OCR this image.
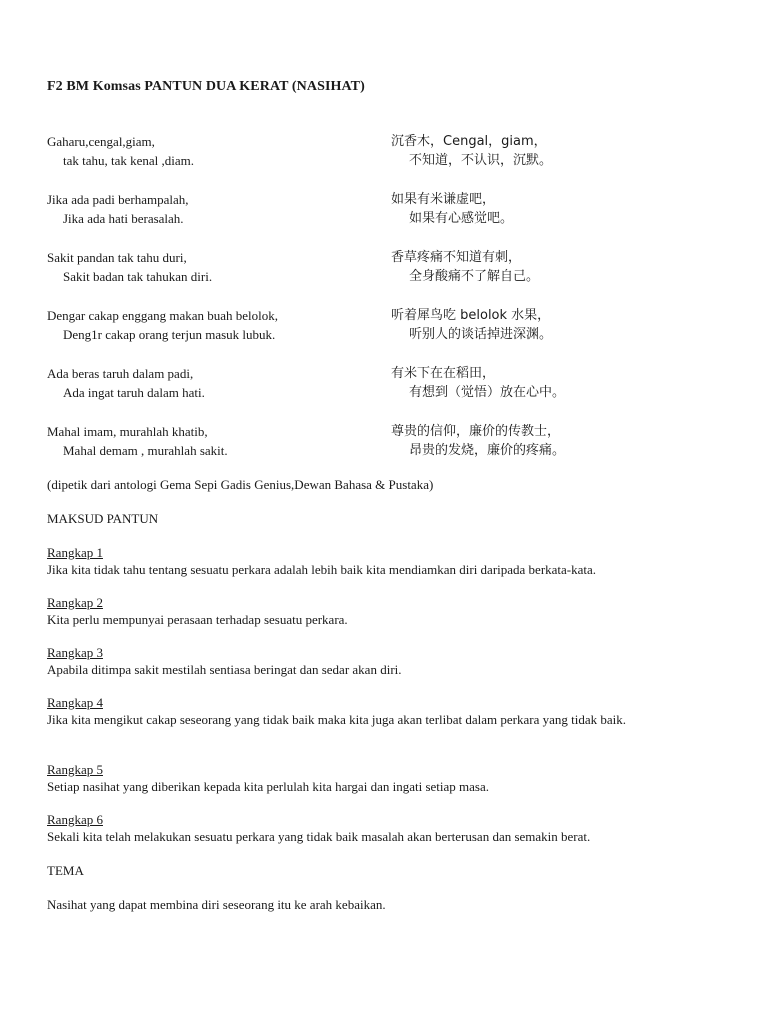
F2 BM Komsas PANTUN DUA KERAT (NASIHAT)
Gaharu,cengal,giam,
tak tahu, tak kenal ,diam.
Jika ada padi berhampalah,
Jika ada hati berasalah.
Sakit pandan tak tahu duri,
Sakit badan tak tahukan diri.
Dengar cakap enggang makan buah belolok,
Deng1r cakap orang terjun masuk lubuk.
Ada beras taruh dalam padi,
Ada ingat taruh dalam hati.
Mahal imam, murahlah khatib,
Mahal demam , murahlah sakit.
沉香木，Cengal，giam，
不知道，不认识，沉默。
如果有米谦虚吧，
如果有心感觉吧。
香草疼痛不知道有刺，
全身酸痛不了解自己。
听着犀鸟吃 belolok 水果，
听别人的谈话掉进深渊。
有米下在在稻田，
有想到（觉悟）放在心中。
尊贵的信仰，廉价的传教士，
昂贵的发烧，廉价的疼痛。
(dipetik dari antologi Gema Sepi Gadis Genius,Dewan Bahasa & Pustaka)
MAKSUD PANTUN
Rangkap 1
Jika kita tidak tahu tentang sesuatu perkara adalah lebih baik kita mendiamkan diri daripada berkata-kata.
Rangkap 2
Kita perlu mempunyai perasaan terhadap sesuatu perkara.
Rangkap 3
Apabila ditimpa sakit mestilah sentiasa beringat dan sedar akan diri.
Rangkap 4
Jika kita mengikut cakap seseorang yang tidak baik maka kita juga akan terlibat dalam perkara yang tidak baik.
Rangkap 5
Setiap nasihat yang diberikan kepada kita perlulah kita hargai dan ingati setiap masa.
Rangkap 6
Sekali kita telah melakukan sesuatu perkara yang tidak baik masalah akan berterusan dan semakin berat.
TEMA
Nasihat yang dapat membina diri seseorang itu ke arah kebaikan.
